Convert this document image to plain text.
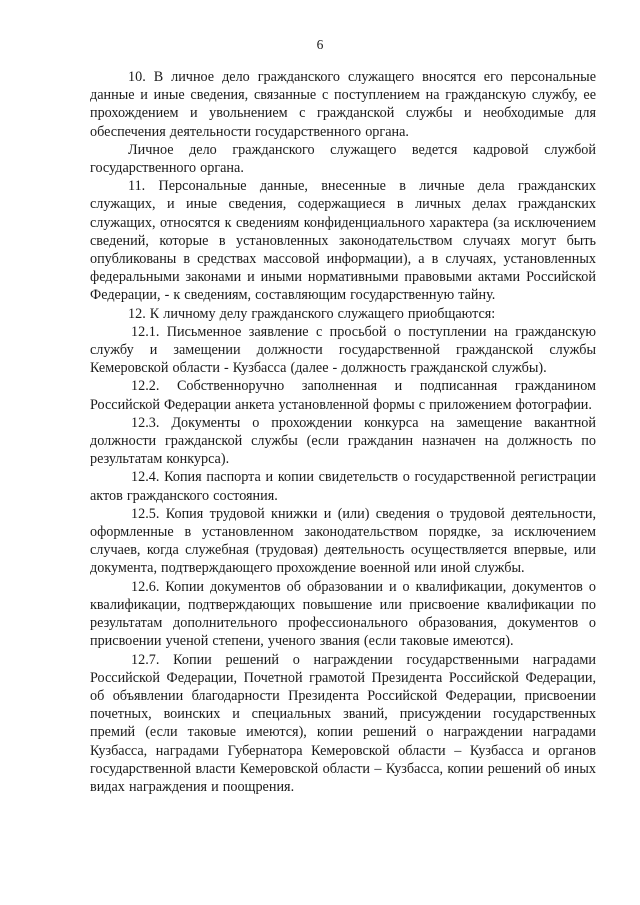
6

10. В личное дело гражданского служащего вносятся его персональные данные и иные сведения, связанные с поступлением на гражданскую службу, ее прохождением и увольнением с гражданской службы и необходимые для обеспечения деятельности государственного органа.

Личное дело гражданского служащего ведется кадровой службой государственного органа.

11. Персональные данные, внесенные в личные дела гражданских служащих, и иные сведения, содержащиеся в личных делах гражданских служащих, относятся к сведениям конфиденциального характера (за исключением сведений, которые в установленных законодательством случаях могут быть опубликованы в средствах массовой информации), а в случаях, установленных федеральными законами и иными нормативными правовыми актами Российской Федерации, - к сведениям, составляющим государственную тайну.

12. К личному делу гражданского служащего приобщаются:

12.1. Письменное заявление с просьбой о поступлении на гражданскую службу и замещении должности государственной гражданской службы Кемеровской области - Кузбасса (далее - должность гражданской службы).

12.2. Собственноручно заполненная и подписанная гражданином Российской Федерации анкета установленной формы с приложением фотографии.

12.3. Документы о прохождении конкурса на замещение вакантной должности гражданской службы (если гражданин назначен на должность по результатам конкурса).

12.4. Копия паспорта и копии свидетельств о государственной регистрации актов гражданского состояния.

12.5. Копия трудовой книжки и (или) сведения о трудовой деятельности, оформленные в установленном законодательством порядке, за исключением случаев, когда служебная (трудовая) деятельность осуществляется впервые, или документа, подтверждающего прохождение военной или иной службы.

12.6. Копии документов об образовании и о квалификации, документов о квалификации, подтверждающих повышение или присвоение квалификации по результатам дополнительного профессионального образования, документов о присвоении ученой степени, ученого звания (если таковые имеются).

12.7. Копии решений о награждении государственными наградами Российской Федерации, Почетной грамотой Президента Российской Федерации, об объявлении благодарности Президента Российской Федерации, присвоении почетных, воинских и специальных званий, присуждении государственных премий (если таковые имеются), копии решений о награждении наградами Кузбасса, наградами Губернатора Кемеровской области – Кузбасса и органов государственной власти Кемеровской области – Кузбасса, копии решений об иных видах награждения и поощрения.
